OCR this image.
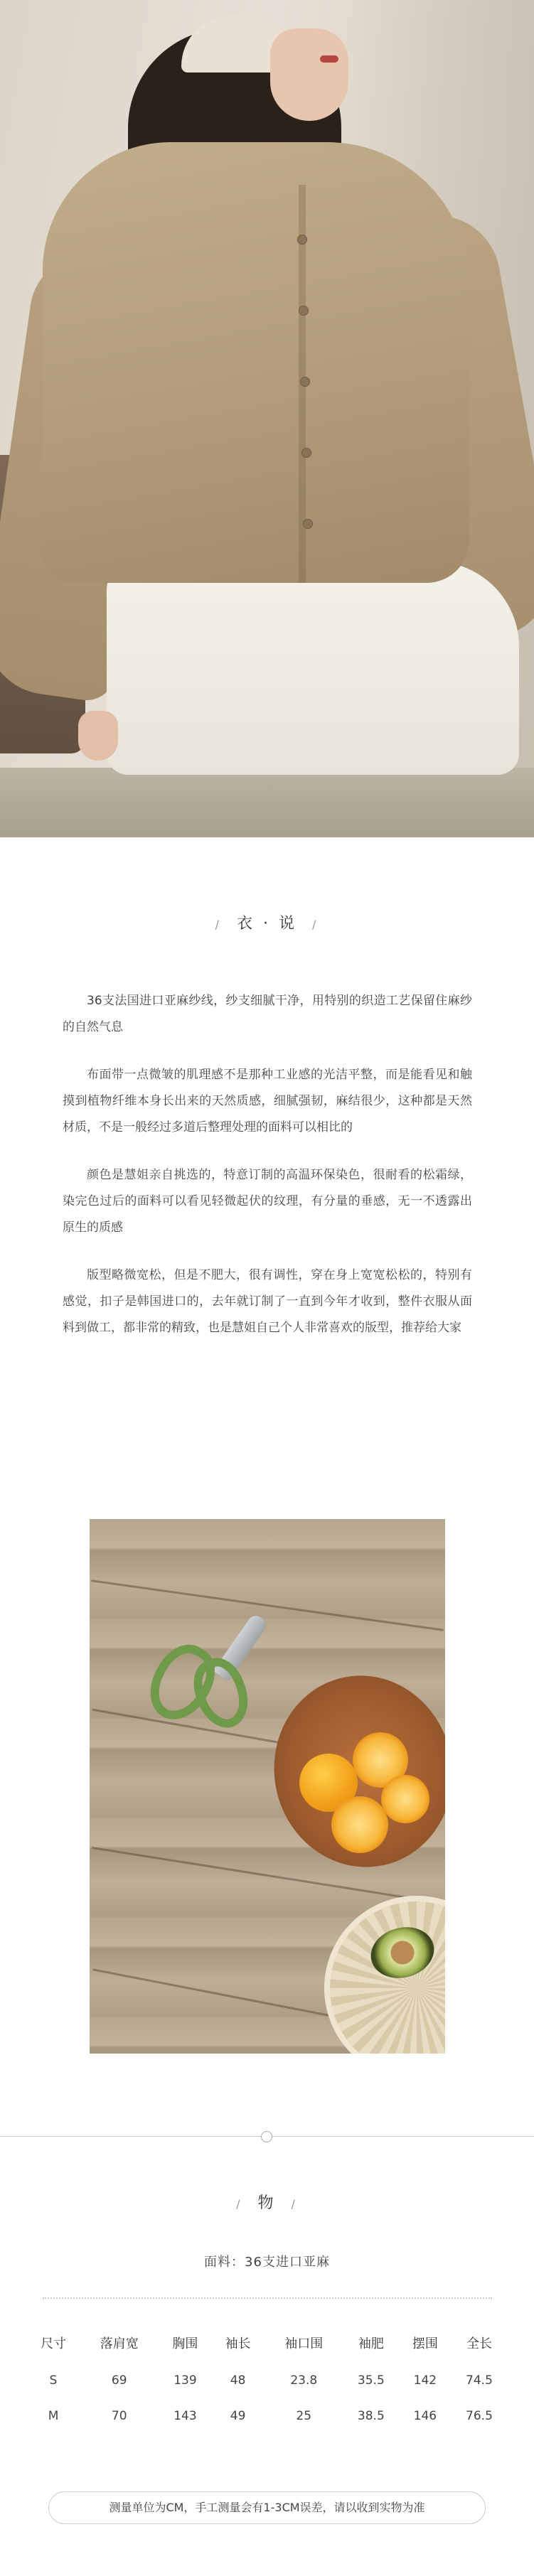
/ 衣 · 说 /

36支法国进口亚麻纱线，纱支细腻干净，用特别的织造工艺保留住麻纱的自然气息

布面带一点微皱的肌理感不是那种工业感的光洁平整，而是能看见和触摸到植物纤维本身长出来的天然质感，细腻强韧，麻结很少，这种都是天然材质，不是一般经过多道后整理处理的面料可以相比的

颜色是慧姐亲自挑选的，特意订制的高温环保染色，很耐看的松霜绿，染完色过后的面料可以看见轻微起伏的纹理，有分量的垂感，无一不透露出原生的质感

版型略微宽松，但是不肥大，很有调性，穿在身上宽宽松松的，特别有感觉，扣子是韩国进口的，去年就订制了一直到今年才收到，整件衣服从面料到做工，都非常的精致，也是慧姐自己个人非常喜欢的版型，推荐给大家

/ 物 /
面料：36支进口亚麻
尺寸	落肩宽	胸围	袖长	袖口围	袖肥	摆围	全长
S	69	139	48	23.8	35.5	142	74.5
M	70	143	49	25	38.5	146	76.5
测量单位为CM，手工测量会有1-3CM误差，请以收到实物为准
